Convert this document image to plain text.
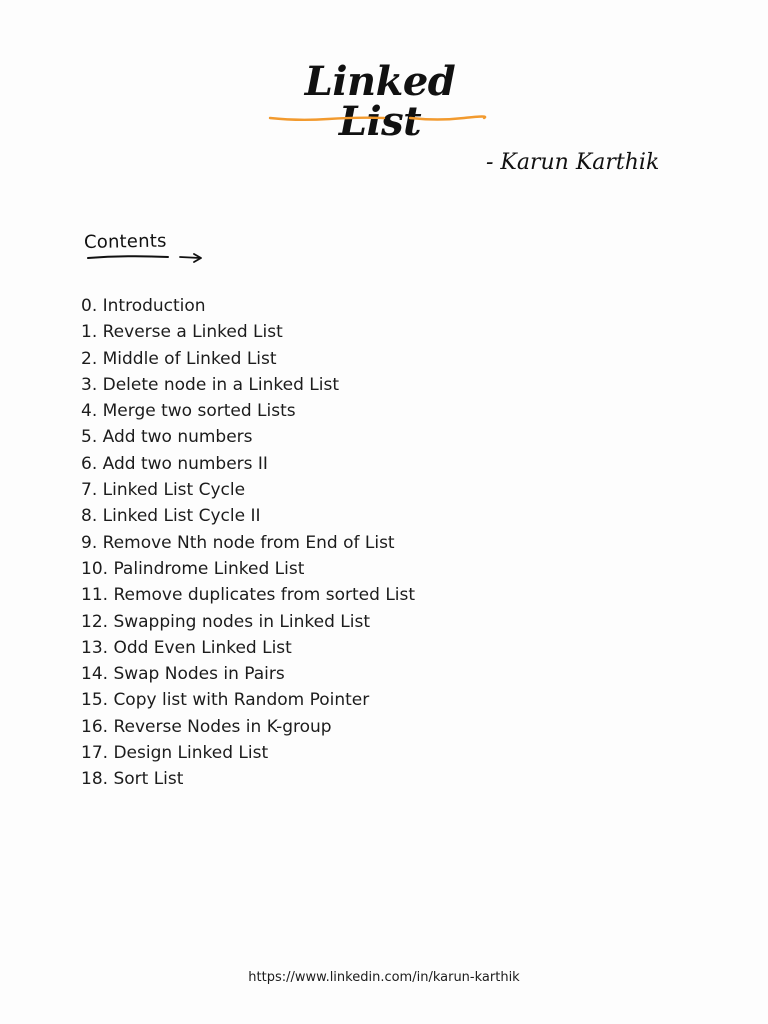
Linked List
- Karun Karthik
Contents
0. Introduction
1. Reverse a Linked List
2. Middle of Linked List
3. Delete node in a Linked List
4. Merge two sorted Lists
5. Add two numbers
6. Add two numbers II
7. Linked List Cycle
8. Linked List Cycle II
9. Remove Nth node from End of List
10. Palindrome Linked List
11. Remove duplicates from sorted List
12. Swapping nodes in Linked List
13. Odd Even Linked List
14. Swap Nodes in Pairs
15. Copy list with Random Pointer
16. Reverse Nodes in K-group
17. Design Linked List
18. Sort List
https://www.linkedin.com/in/karun-karthik
